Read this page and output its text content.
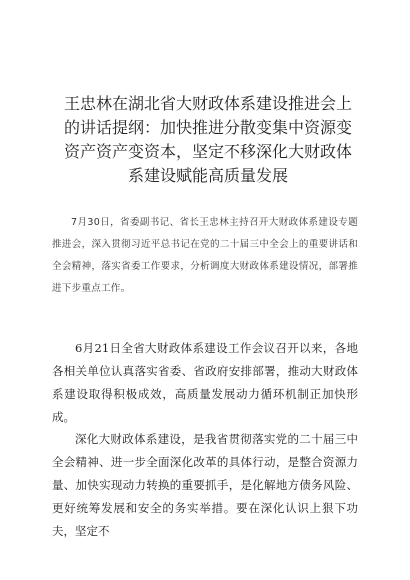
王忠林在湖北省大财政体系建设推进会上的讲话提纲：加快推进分散变集中资源变资产资产变资本，坚定不移深化大财政体系建设赋能高质量发展
7月30日，省委副书记、省长王忠林主持召开大财政体系建设专题推进会，深入贯彻习近平总书记在党的二十届三中全会上的重要讲话和全会精神，落实省委工作要求，分析调度大财政体系建设情况，部署推进下步重点工作。
6月21日全省大财政体系建设工作会议召开以来，各地各相关单位认真落实省委、省政府安排部署，推动大财政体系建设取得积极成效，高质量发展动力循环机制正加快形成。
深化大财政体系建设，是我省贯彻落实党的二十届三中全会精神、进一步全面深化改革的具体行动，是整合资源力量、加快实现动力转换的重要抓手，是化解地方债务风险、更好统筹发展和安全的务实举措。要在深化认识上狠下功夫，坚定不
